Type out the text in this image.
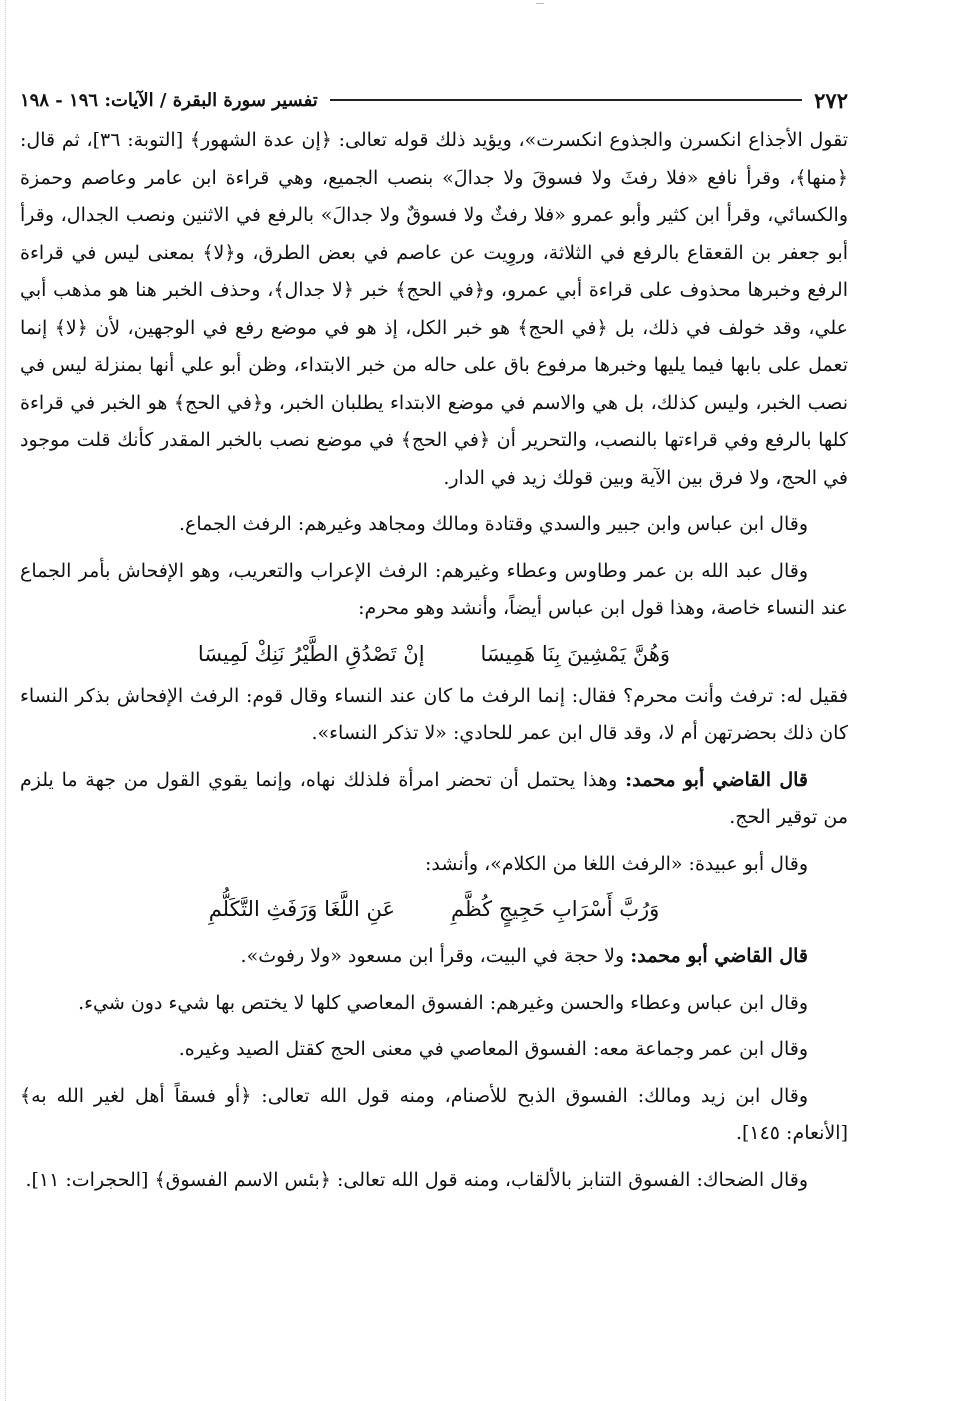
٢٧٢
تفسير سورة البقرة / الآيات: ١٩٦ - ١٩٨

تقول الأجذاع انكسرن والجذوع انكسرت»، ويؤيد ذلك قوله تعالى: ﴿إن عدة الشهور﴾ [التوبة: ٣٦]، ثم قال: ﴿منها﴾، وقرأ نافع «فلا رفثَ ولا فسوقَ ولا جدالَ» بنصب الجميع، وهي قراءة ابن عامر وعاصم وحمزة والكسائي، وقرأ ابن كثير وأبو عمرو «فلا رفثٌ ولا فسوقٌ ولا جدالَ» بالرفع في الاثنين ونصب الجدال، وقرأ أبو جعفر بن القعقاع بالرفع في الثلاثة، وروِيت عن عاصم في بعض الطرق، و﴿لا﴾ بمعنى ليس في قراءة الرفع وخبرها محذوف على قراءة أبي عمرو، و﴿في الحج﴾ خبر ﴿لا جدال﴾، وحذف الخبر هنا هو مذهب أبي علي، وقد خولف في ذلك، بل ﴿في الحج﴾ هو خبر الكل، إذ هو في موضع رفع في الوجهين، لأن ﴿لا﴾ إنما تعمل على بابها فيما يليها وخبرها مرفوع باق على حاله من خبر الابتداء، وظن أبو علي أنها بمنزلة ليس في نصب الخبر، وليس كذلك، بل هي والاسم في موضع الابتداء يطلبان الخبر، و﴿في الحج﴾ هو الخبر في قراءة كلها بالرفع وفي قراءتها بالنصب، والتحرير أن ﴿في الحج﴾ في موضع نصب بالخبر المقدر كأنك قلت موجود في الحج، ولا فرق بين الآية وبين قولك زيد في الدار.

وقال ابن عباس وابن جبير والسدي وقتادة ومالك ومجاهد وغيرهم: الرفث الجماع.

وقال عبد الله بن عمر وطاوس وعطاء وغيرهم: الرفث الإعراب والتعريب، وهو الإفحاش بأمر الجماع عند النساء خاصة، وهذا قول ابن عباس أيضاً، وأنشد وهو محرم:

وَهُنَّ يَمْشِينَ بِنَا هَمِيسَا
إنْ تَصْدُقِ الطَّيْرُ نَنِكْ لَمِيسَا

فقيل له: ترفث وأنت محرم؟ فقال: إنما الرفث ما كان عند النساء وقال قوم: الرفث الإفحاش بذكر النساء كان ذلك بحضرتهن أم لا، وقد قال ابن عمر للحادي: «لا تذكر النساء».

قال القاضي أبو محمد: وهذا يحتمل أن تحضر امرأة فلذلك نهاه، وإنما يقوي القول من جهة ما يلزم من توقير الحج.

وقال أبو عبيدة: «الرفث اللغا من الكلام»، وأنشد:

وَرُبَّ أَسْرَابِ حَجِيجٍ كُظَّمِ
عَنِ اللَّغَا وَرَفَثِ التَّكَلُّمِ

قال القاضي أبو محمد: ولا حجة في البيت، وقرأ ابن مسعود «ولا رفوث».

وقال ابن عباس وعطاء والحسن وغيرهم: الفسوق المعاصي كلها لا يختص بها شيء دون شيء.

وقال ابن عمر وجماعة معه: الفسوق المعاصي في معنى الحج كقتل الصيد وغيره.

وقال ابن زيد ومالك: الفسوق الذبح للأصنام، ومنه قول الله تعالى: ﴿أو فسقاً أهل لغير الله به﴾ [الأنعام: ١٤٥].

وقال الضحاك: الفسوق التنابز بالألقاب، ومنه قول الله تعالى: ﴿بئس الاسم الفسوق﴾ [الحجرات: ١١].
